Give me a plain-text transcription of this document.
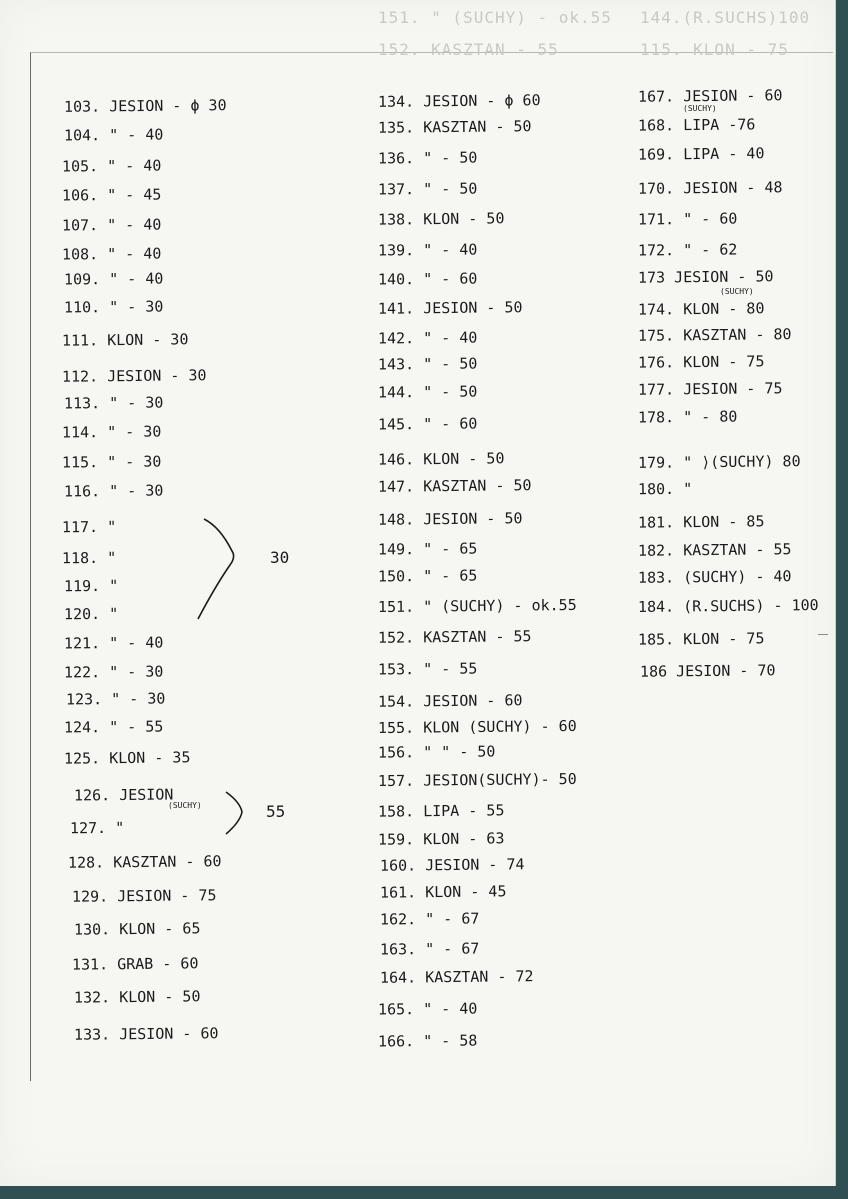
151. " (SUCHY) - ok.55
152. KASZTAN - 55
144.(R.SUCHS)100
115. KLON - 75
103. JESION - ϕ 30
104. " - 40
105. " - 40
106. " - 45
107. " - 40
108. " - 40
109. " - 40
110. " - 30
111. KLON - 30
112. JESION - 30
113. " - 30
114. " - 30
115. " - 30
116. " - 30
117. "
118. "
119. "
120. "
121. " - 40
122. " - 30
123. " - 30
124. " - 55
125. KLON - 35
126. JESION
127. "
128. KASZTAN - 60
129. JESION - 75
130. KLON - 65
131. GRAB - 60
132. KLON - 50
133. JESION - 60
134. JESION - ϕ 60
135. KASZTAN - 50
136. " - 50
137. " - 50
138. KLON - 50
139. " - 40
140. " - 60
141. JESION - 50
142. " - 40
143. " - 50
144. " - 50
145. " - 60
146. KLON - 50
147. KASZTAN - 50
148. JESION - 50
149. " - 65
150. " - 65
151. " (SUCHY) - ok.55
152. KASZTAN - 55
153. " - 55
154. JESION - 60
155. KLON (SUCHY) - 60
156. " " - 50
157. JESION(SUCHY)- 50
158. LIPA - 55
159. KLON - 63
160. JESION - 74
161. KLON - 45
162. " - 67
163. " - 67
164. KASZTAN - 72
165. " - 40
166. " - 58
167. JESION - 60
168. LIPA -76
169. LIPA - 40
170. JESION - 48
171. " - 60
172. " - 62
173 JESION - 50
174. KLON - 80
175. KASZTAN - 80
176. KLON - 75
177. JESION - 75
178. " - 80
179. " ⟩(SUCHY) 80
180. "
181. KLON - 85
182. KASZTAN - 55
183. (SUCHY) - 40
184. (R.SUCHS) - 100
185. KLON - 75
186 JESION - 70
30
(SUCHY)	55
(SUCHY)
(SUCHY)
